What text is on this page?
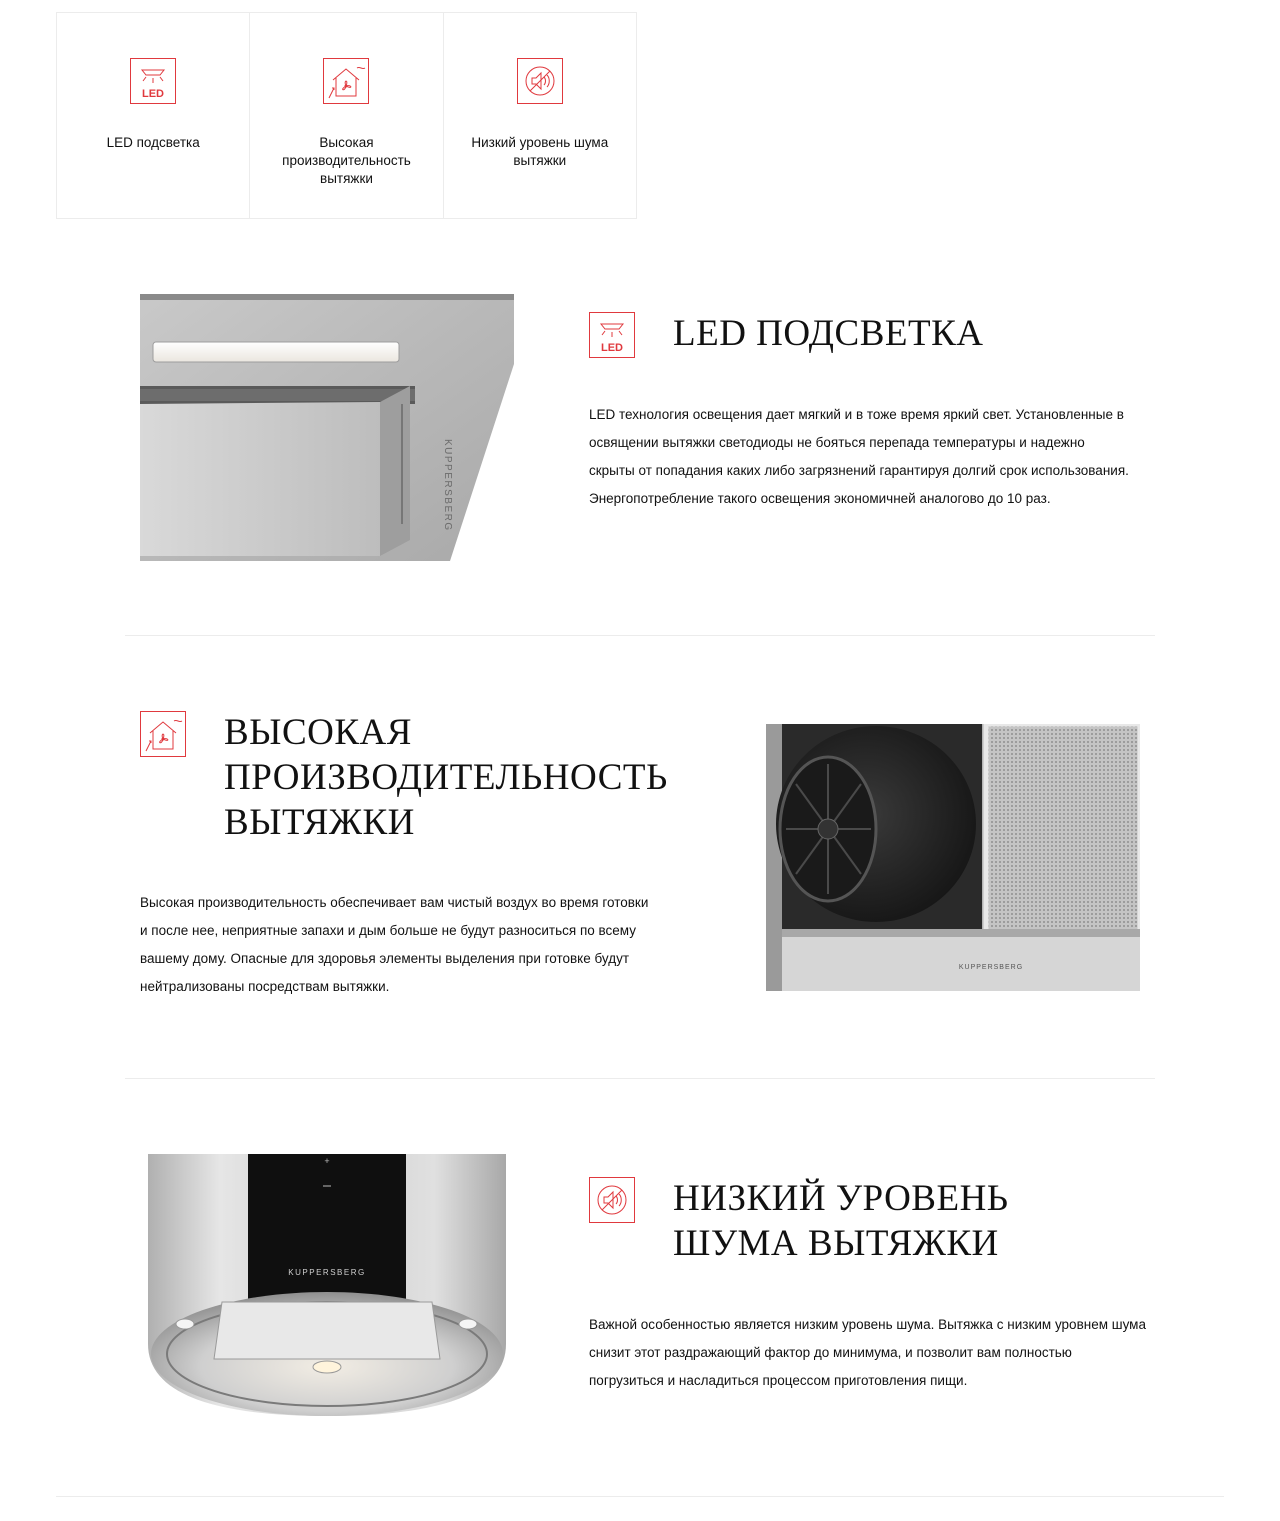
LED
LED подсветка	Высокая производительность вытяжки
Низкий уровень шума вытяжки
KUPPERSBERG
LED LED ПОДСВЕТКА

LED технология освещения дает мягкий и в тоже время яркий свет. Установленные в освящении вытяжки светодиоды не бояться перепада температуры и надежно скрыты от попадания каких либо загрязнений гарантируя долгий срок использования. Энергопотребление такого освещения экономичней аналогово до 10 раз.

ВЫСОКАЯ ПРОИЗВОДИТЕЛЬНОСТЬ ВЫТЯЖКИ

Высокая производительность обеспечивает вам чистый воздух во время готовки и после нее, неприятные запахи и дым больше не будут разноситься по всему вашему дому. Опасные для здоровья элементы выделения при готовке будут нейтрализованы посредствам вытяжки.

KUPPERSBERG
KUPPERSBERG
+
НИЗКИЙ УРОВЕНЬ ШУМА ВЫТЯЖКИ

Важной особенностью является низким уровень шума. Вытяжка с низким уровнем шума снизит этот раздражающий фактор до минимума, и позволит вам полностью погрузиться и насладиться процессом приготовления пищи.
